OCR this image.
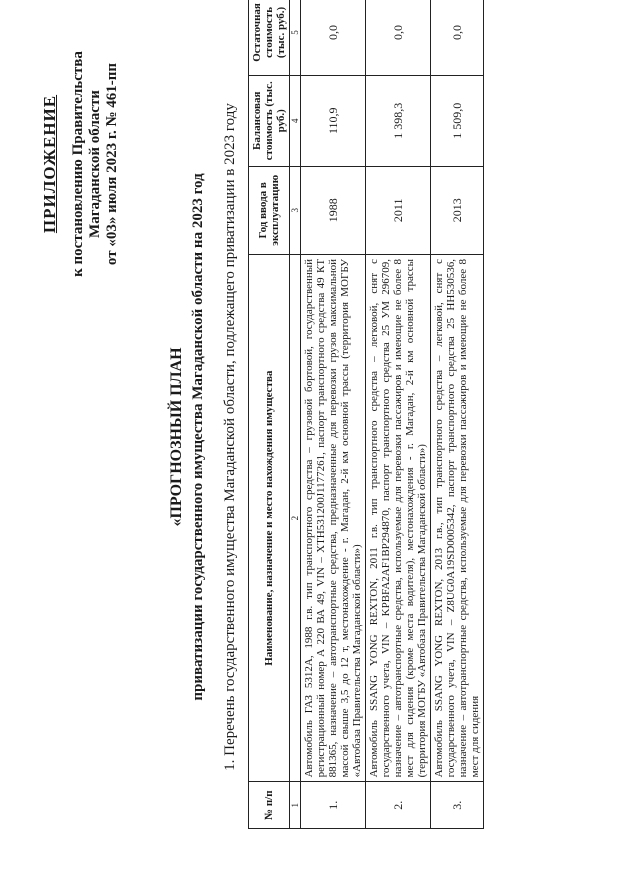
ПРИЛОЖЕНИЕ к постановлению Правительства Магаданской области от «03» июля 2023 г. № 461-пп
«ПРОГНОЗНЫЙ ПЛАН приватизации государственного имущества Магаданской области на 2023 год 1. Перечень государственного имущества Магаданской области, подлежащего приватизации в 2023 году
№ п/п	Наименование, назначение и место нахождения имущества	Год ввода в эксплуатацию	Балансовая стоимость (тыс. руб.)	Остаточная стоимость (тыс. руб.)
1	2	3	4	5
1.	Автомобиль ГАЗ 5312А, 1988 г.в. тип транспортного средства – грузовой бортовой, государственный регистрационный номер А 220 ВА 49, VIN – XTH531200J1177261, паспорт транспортного средства 49 КТ 881365, назначение – автотранспортные средства, предназначенные для перевозки грузов максимальной массой свыше 3,5 до 12 т, местонахождение - г. Магадан, 2-й км основной трассы (территория МОГБУ «Автобаза Правительства Магаданской области»)	1988	110,9	0,0
2.	Автомобиль SSANG YONG REXTON, 2011 г.в. тип транспортного средства – легковой, снят с государственного учета, VIN – KPBFA2AF1BP294870, паспорт транспортного средства 25 УМ 296709, назначение – автотранспортные средства, используемые для перевозки пассажиров и имеющие не более 8 мест для сидения (кроме места водителя), местонахождения - г. Магадан, 2-й км основной трассы (территория МОГБУ «Автобаза Правительства Магаданской области»)	2011	1 398,3	0,0
3.	Автомобиль SSANG YONG REXTON, 2013 г.в., тип транспортного средства – легковой, снят с государственного учета, VIN – Z8UG0A19SD0005342, паспорт транспортного средства 25 НН530536, назначение – автотранспортные средства, используемые для перевозки пассажиров и имеющие не более 8 мест для сидения	2013	1 509,0	0,0
